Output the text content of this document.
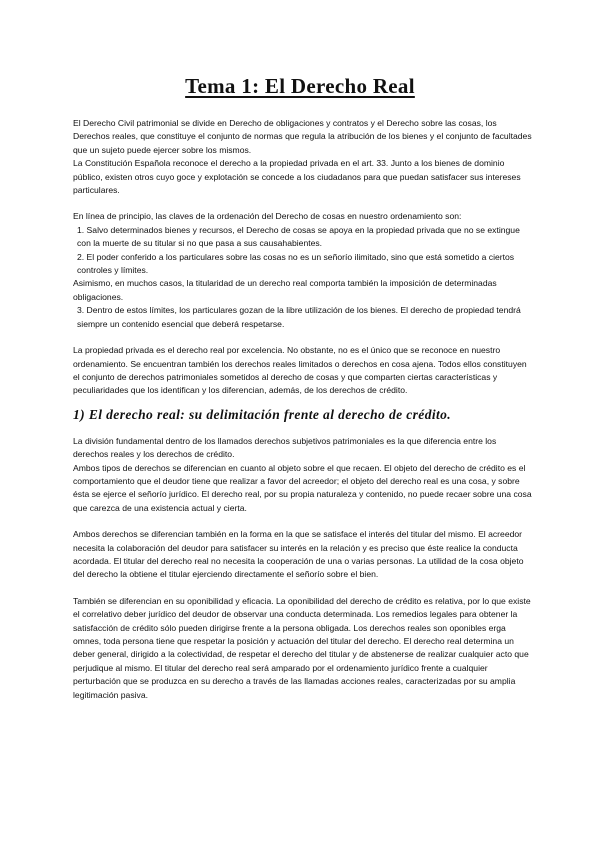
Tema 1: El Derecho Real

El Derecho Civil patrimonial se divide en Derecho de obligaciones y contratos y el Derecho sobre las cosas, los Derechos reales, que constituye el conjunto de normas que regula la atribución de los bienes y el conjunto de facultades que un sujeto puede ejercer sobre los mismos.

La Constitución Española reconoce el derecho a la propiedad privada en el art. 33. Junto a los bienes de dominio público, existen otros cuyo goce y explotación se concede a los ciudadanos para que puedan satisfacer sus intereses particulares.

En línea de principio, las claves de la ordenación del Derecho de cosas en nuestro ordenamiento son:

1. Salvo determinados bienes y recursos, el Derecho de cosas se apoya en la propiedad privada que no se extingue con la muerte de su titular si no que pasa a sus causahabientes.

2. El poder conferido a los particulares sobre las cosas no es un señorío ilimitado, sino que está sometido a ciertos controles y límites.

Asimismo, en muchos casos, la titularidad de un derecho real comporta también la imposición de determinadas obligaciones.

3. Dentro de estos límites, los particulares gozan de la libre utilización de los bienes. El derecho de propiedad tendrá siempre un contenido esencial que deberá respetarse.

La propiedad privada es el derecho real por excelencia. No obstante, no es el único que se reconoce en nuestro ordenamiento. Se encuentran también los derechos reales limitados o derechos en cosa ajena. Todos ellos constituyen el conjunto de derechos patrimoniales sometidos al derecho de cosas y que comparten ciertas características y peculiaridades que los identifican y los diferencian, además, de los derechos de crédito.

1) El derecho real: su delimitación frente al derecho de crédito.

La división fundamental dentro de los llamados derechos subjetivos patrimoniales es la que diferencia entre los derechos reales y los derechos de crédito.

Ambos tipos de derechos se diferencian en cuanto al objeto sobre el que recaen. El objeto del derecho de crédito es el comportamiento que el deudor tiene que realizar a favor del acreedor; el objeto del derecho real es una cosa, y sobre ésta se ejerce el señorío jurídico. El derecho real, por su propia naturaleza y contenido, no puede recaer sobre una cosa que carezca de una existencia actual y cierta.

Ambos derechos se diferencian también en la forma en la que se satisface el interés del titular del mismo. El acreedor necesita la colaboración del deudor para satisfacer su interés en la relación y es preciso que éste realice la conducta acordada. El titular del derecho real no necesita la cooperación de una o varias personas. La utilidad de la cosa objeto del derecho la obtiene el titular ejerciendo directamente el señorío sobre el bien.

También se diferencian en su oponibilidad y eficacia. La oponibilidad del derecho de crédito es relativa, por lo que existe el correlativo deber jurídico del deudor de observar una conducta determinada. Los remedios legales para obtener la satisfacción de crédito sólo pueden dirigirse frente a la persona obligada. Los derechos reales son oponibles erga omnes, toda persona tiene que respetar la posición y actuación del titular del derecho. El derecho real determina un deber general, dirigido a la colectividad, de respetar el derecho del titular y de abstenerse de realizar cualquier acto que perjudique al mismo. El titular del derecho real será amparado por el ordenamiento jurídico frente a cualquier perturbación que se produzca en su derecho a través de las llamadas acciones reales, caracterizadas por su amplia legitimación pasiva.
